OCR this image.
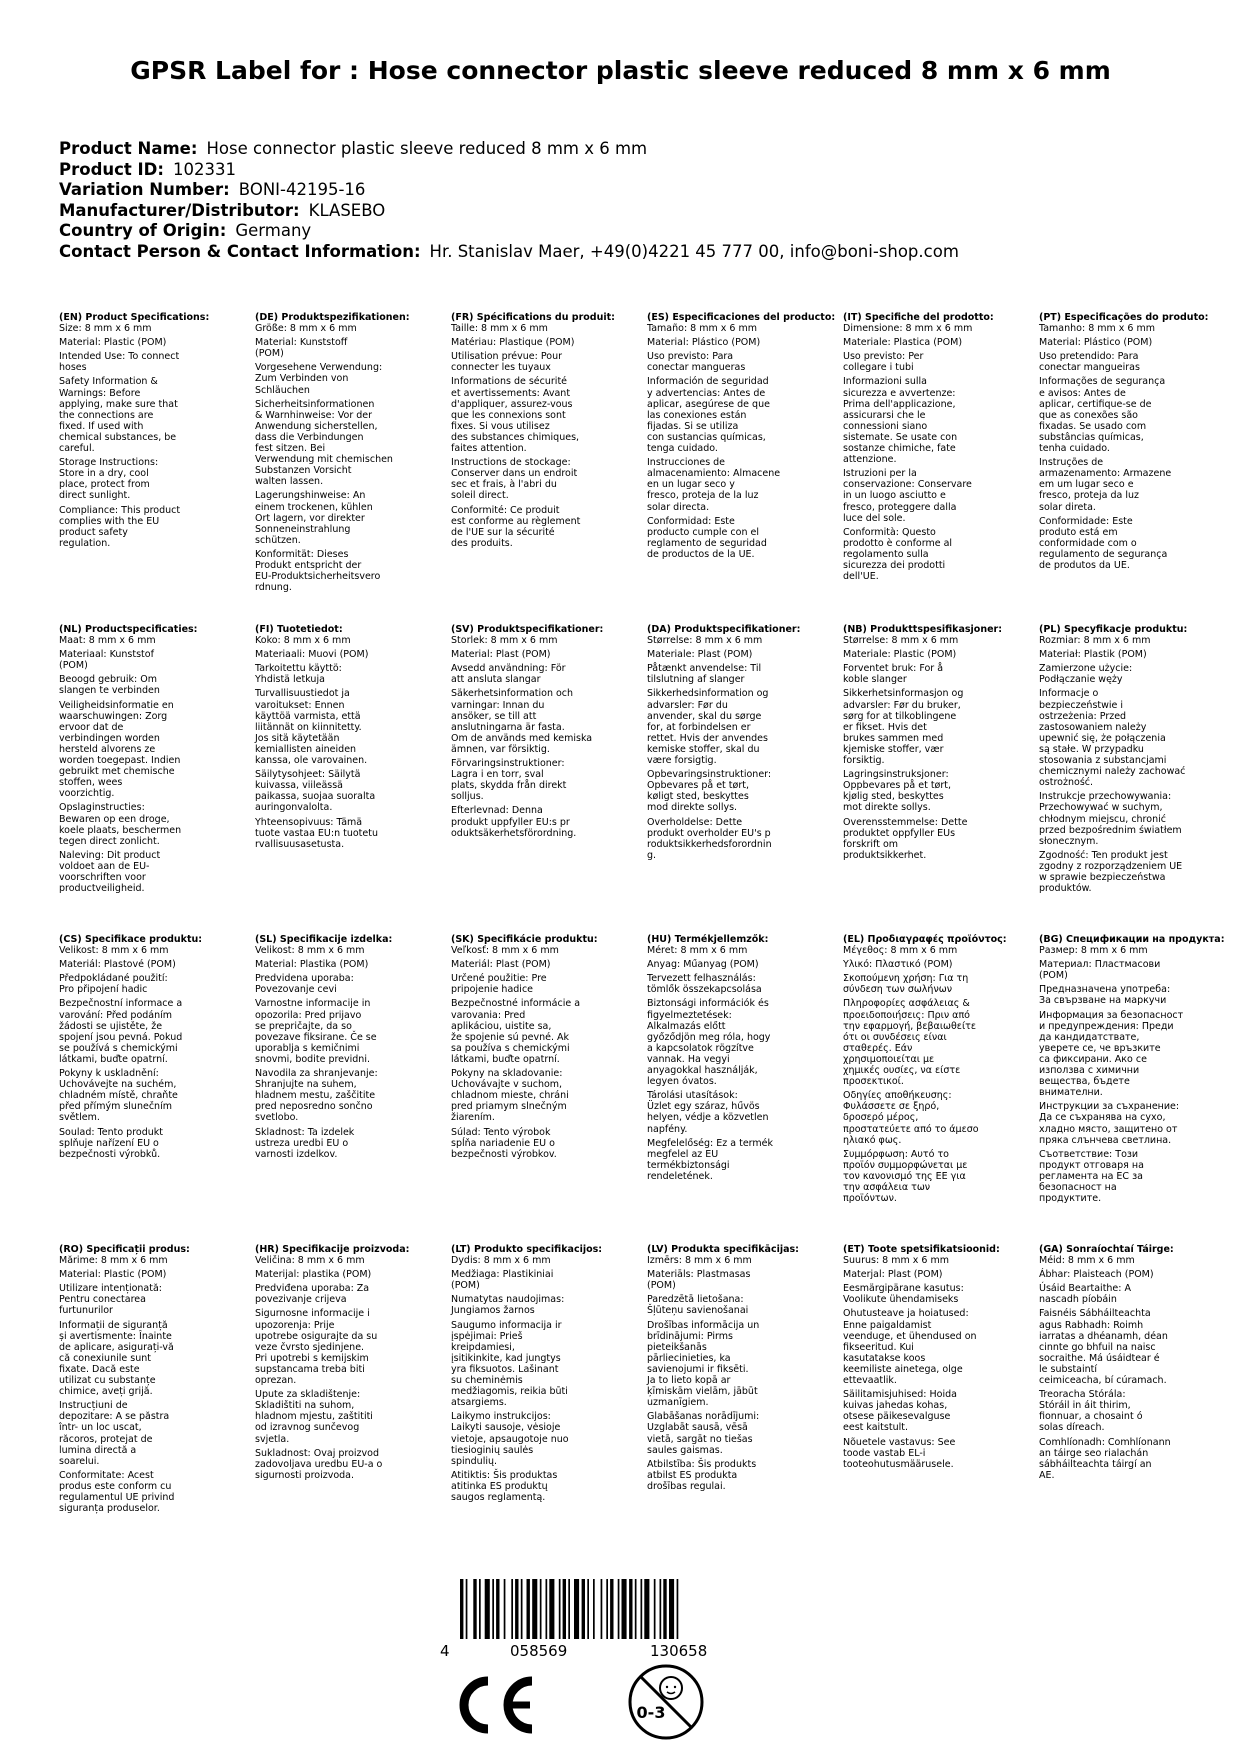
GPSR Label for : Hose connector plastic sleeve reduced 8 mm x 6 mm
Product Name: Hose connector plastic sleeve reduced 8 mm x 6 mm
Product ID: 102331
Variation Number: BONI-42195-16
Manufacturer/Distributor: KLASEBO
Country of Origin: Germany
Contact Person & Contact Information: Hr. Stanislav Maer, +49(0)4221 45 777 00, info@boni-shop.com
(EN) Product Specifications:

Size: 8 mm x 6 mm

Material: Plastic (POM)

Intended Use: To connect
hoses

Safety Information &
Warnings: Before
applying, make sure that
the connections are
fixed. If used with
chemical substances, be
careful.

Storage Instructions:
Store in a dry, cool
place, protect from
direct sunlight.

Compliance: This product
complies with the EU
product safety
regulation.

(DE) Produktspezifikationen:

Größe: 8 mm x 6 mm

Material: Kunststoff
(POM)

Vorgesehene Verwendung:
Zum Verbinden von
Schläuchen

Sicherheitsinformationen
& Warnhinweise: Vor der
Anwendung sicherstellen,
dass die Verbindungen
fest sitzen. Bei
Verwendung mit chemischen
Substanzen Vorsicht
walten lassen.

Lagerungshinweise: An
einem trockenen, kühlen
Ort lagern, vor direkter
Sonneneinstrahlung
schützen.

Konformität: Dieses
Produkt entspricht der
EU-Produktsicherheitsvero
rdnung.

(FR) Spécifications du produit:

Taille: 8 mm x 6 mm

Matériau: Plastique (POM)

Utilisation prévue: Pour
connecter les tuyaux

Informations de sécurité
et avertissements: Avant
d'appliquer, assurez-vous
que les connexions sont
fixes. Si vous utilisez
des substances chimiques,
faites attention.

Instructions de stockage:
Conserver dans un endroit
sec et frais, à l'abri du
soleil direct.

Conformité: Ce produit
est conforme au règlement
de l'UE sur la sécurité
des produits.

(ES) Especificaciones del producto:

Tamaño: 8 mm x 6 mm

Material: Plástico (POM)

Uso previsto: Para
conectar mangueras

Información de seguridad
y advertencias: Antes de
aplicar, asegúrese de que
las conexiones están
fijadas. Si se utiliza
con sustancias químicas,
tenga cuidado.

Instrucciones de
almacenamiento: Almacene
en un lugar seco y
fresco, proteja de la luz
solar directa.

Conformidad: Este
producto cumple con el
reglamento de seguridad
de productos de la UE.

(IT) Specifiche del prodotto:

Dimensione: 8 mm x 6 mm

Materiale: Plastica (POM)

Uso previsto: Per
collegare i tubi

Informazioni sulla
sicurezza e avvertenze:
Prima dell'applicazione,
assicurarsi che le
connessioni siano
sistemate. Se usate con
sostanze chimiche, fate
attenzione.

Istruzioni per la
conservazione: Conservare
in un luogo asciutto e
fresco, proteggere dalla
luce del sole.

Conformità: Questo
prodotto è conforme al
regolamento sulla
sicurezza dei prodotti
dell'UE.

(PT) Especificações do produto:

Tamanho: 8 mm x 6 mm

Material: Plástico (POM)

Uso pretendido: Para
conectar mangueiras

Informações de segurança
e avisos: Antes de
aplicar, certifique-se de
que as conexões são
fixadas. Se usado com
substâncias químicas,
tenha cuidado.

Instruções de
armazenamento: Armazene
em um lugar seco e
fresco, proteja da luz
solar direta.

Conformidade: Este
produto está em
conformidade com o
regulamento de segurança
de produtos da UE.

(NL) Productspecificaties:

Maat: 8 mm x 6 mm

Materiaal: Kunststof
(POM)

Beoogd gebruik: Om
slangen te verbinden

Veiligheidsinformatie en
waarschuwingen: Zorg
ervoor dat de
verbindingen worden
hersteld alvorens ze
worden toegepast. Indien
gebruikt met chemische
stoffen, wees
voorzichtig.

Opslaginstructies:
Bewaren op een droge,
koele plaats, beschermen
tegen direct zonlicht.

Naleving: Dit product
voldoet aan de EU-
voorschriften voor
productveiligheid.

(FI) Tuotetiedot:

Koko: 8 mm x 6 mm

Materiaali: Muovi (POM)

Tarkoitettu käyttö:
Yhdistä letkuja

Turvallisuustiedot ja
varoitukset: Ennen
käyttöä varmista, että
liitännät on kiinnitetty.
Jos sitä käytetään
kemiallisten aineiden
kanssa, ole varovainen.

Säilytysohjeet: Säilytä
kuivassa, viileässä
paikassa, suojaa suoralta
auringonvalolta.

Yhteensopivuus: Tämä
tuote vastaa EU:n tuotetu
rvallisuusasetusta.

(SV) Produktspecifikationer:

Storlek: 8 mm x 6 mm

Material: Plast (POM)

Avsedd användning: För
att ansluta slangar

Säkerhetsinformation och
varningar: Innan du
ansöker, se till att
anslutningarna är fasta.
Om de används med kemiska
ämnen, var försiktig.

Förvaringsinstruktioner:
Lagra i en torr, sval
plats, skydda från direkt
solljus.

Efterlevnad: Denna
produkt uppfyller EU:s pr
oduktsäkerhetsförordning.

(DA) Produktspecifikationer:

Størrelse: 8 mm x 6 mm

Materiale: Plast (POM)

Påtænkt anvendelse: Til
tilslutning af slanger

Sikkerhedsinformation og
advarsler: Før du
anvender, skal du sørge
for, at forbindelsen er
rettet. Hvis der anvendes
kemiske stoffer, skal du
være forsigtig.

Opbevaringsinstruktioner:
Opbevares på et tørt,
køligt sted, beskyttes
mod direkte sollys.

Overholdelse: Dette
produkt overholder EU's p
roduktsikkerhedsforordnin
g.

(NB) Produkttspesifikasjoner:

Størrelse: 8 mm x 6 mm

Materiale: Plastic (POM)

Forventet bruk: For å
koble slanger

Sikkerhetsinformasjon og
advarsler: Før du bruker,
sørg for at tilkoblingene
er fikset. Hvis det
brukes sammen med
kjemiske stoffer, vær
forsiktig.

Lagringsinstruksjoner:
Oppbevares på et tørt,
kjølig sted, beskyttes
mot direkte sollys.

Overensstemmelse: Dette
produktet oppfyller EUs
forskrift om
produktsikkerhet.

(PL) Specyfikacje produktu:

Rozmiar: 8 mm x 6 mm

Materiał: Plastik (POM)

Zamierzone użycie:
Podłączanie węży

Informacje o
bezpieczeństwie i
ostrzeżenia: Przed
zastosowaniem należy
upewnić się, że połączenia
są stałe. W przypadku
stosowania z substancjami
chemicznymi należy zachować
ostrożność.

Instrukcje przechowywania:
Przechowywać w suchym,
chłodnym miejscu, chronić
przed bezpośrednim światłem
słonecznym.

Zgodność: Ten produkt jest
zgodny z rozporządzeniem UE
w sprawie bezpieczeństwa
produktów.

(CS) Specifikace produktu:

Velikost: 8 mm x 6 mm

Materiál: Plastové (POM)

Předpokládané použití:
Pro připojení hadic

Bezpečnostní informace a
varování: Před podáním
žádosti se ujistěte, že
spojení jsou pevná. Pokud
se používá s chemickými
látkami, buďte opatrní.

Pokyny k uskladnění:
Uchovávejte na suchém,
chladném místě, chraňte
před přímým slunečním
světlem.

Soulad: Tento produkt
splňuje nařízení EU o
bezpečnosti výrobků.

(SL) Specifikacije izdelka:

Velikost: 8 mm x 6 mm

Material: Plastika (POM)

Predvidena uporaba:
Povezovanje cevi

Varnostne informacije in
opozorila: Pred prijavo
se prepričajte, da so
povezave fiksirane. Če se
uporablja s kemičnimi
snovmi, bodite previdni.

Navodila za shranjevanje:
Shranjujte na suhem,
hladnem mestu, zaščitite
pred neposredno sončno
svetlobo.

Skladnost: Ta izdelek
ustreza uredbi EU o
varnosti izdelkov.

(SK) Špecifikácie produktu:

Veľkosť: 8 mm x 6 mm

Materiál: Plast (POM)

Určené použitie: Pre
pripojenie hadice

Bezpečnostné informácie a
varovania: Pred
aplikáciou, uistite sa,
že spojenie sú pevné. Ak
sa používa s chemickými
látkami, buďte opatrní.

Pokyny na skladovanie:
Uchovávajte v suchom,
chladnom mieste, chráni
pred priamym slnečným
žiarením.

Súlad: Tento výrobok
spĺňa nariadenie EU o
bezpečnosti výrobkov.

(HU) Termékjellemzők:

Méret: 8 mm x 6 mm

Anyag: Műanyag (POM)

Tervezett felhasználás:
tömlők összekapcsolása

Biztonsági információk és
figyelmeztetések:
Alkalmazás előtt
győződjön meg róla, hogy
a kapcsolatok rögzítve
vannak. Ha vegyi
anyagokkal használják,
legyen óvatos.

Tárolási utasítások:
Üzlet egy száraz, hűvös
helyen, védje a közvetlen
napfény.

Megfelelőség: Ez a termék
megfelel az EU
termékbiztonsági
rendeletének.

(EL) Προδιαγραφές προϊόντος:

Μέγεθος: 8 mm x 6 mm

Υλικό: Πλαστικό (POM)

Σκοπούμενη χρήση: Για τη
σύνδεση των σωλήνων

Πληροφορίες ασφάλειας &
προειδοποιήσεις: Πριν από
την εφαρμογή, βεβαιωθείτε
ότι οι συνδέσεις είναι
σταθερές. Εάν
χρησιμοποιείται με
χημικές ουσίες, να είστε
προσεκτικοί.

Οδηγίες αποθήκευσης:
Φυλάσσετε σε ξηρό,
δροσερό μέρος,
προστατεύετε από το άμεσο
ηλιακό φως.

Συμμόρφωση: Αυτό το
προϊόν συμμορφώνεται με
τον κανονισμό της ΕΕ για
την ασφάλεια των
προϊόντων.

(BG) Спецификации на продукта:

Размер: 8 mm x 6 mm

Материал: Пластмасови
(POM)

Предназначена употреба:
За свързване на маркучи

Информация за безопасност
и предупреждения: Преди
да кандидатствате,
уверете се, че връзките
са фиксирани. Ако се
използва с химични
вещества, бъдете
внимателни.

Инструкции за съхранение:
Да се съхранява на сухо,
хладно място, защитено от
пряка слънчева светлина.

Съответствие: Този
продукт отговаря на
регламента на ЕС за
безопасност на
продуктите.

(RO) Specificații produs:

Mărime: 8 mm x 6 mm

Material: Plastic (POM)

Utilizare intenționată:
Pentru conectarea
furtunurilor

Informații de siguranță
și avertismente: Înainte
de aplicare, asigurați-vă
că conexiunile sunt
fixate. Dacă este
utilizat cu substanțe
chimice, aveți grijă.

Instrucțiuni de
depozitare: A se păstra
într- un loc uscat,
răcoros, protejat de
lumina directă a
soarelui.

Conformitate: Acest
produs este conform cu
regulamentul UE privind
siguranța produselor.

(HR) Specifikacije proizvoda:

Veličina: 8 mm x 6 mm

Materijal: plastika (POM)

Predviđena uporaba: Za
povezivanje crijeva

Sigurnosne informacije i
upozorenja: Prije
upotrebe osigurajte da su
veze čvrsto sjedinjene.
Pri upotrebi s kemijskim
supstancama treba biti
oprezan.

Upute za skladištenje:
Skladištiti na suhom,
hladnom mjestu, zaštititi
od izravnog sunčevog
svjetla.

Sukladnost: Ovaj proizvod
zadovoljava uredbu EU-a o
sigurnosti proizvoda.

(LT) Produkto specifikacijos:

Dydis: 8 mm x 6 mm

Medžiaga: Plastikiniai
(POM)

Numatytas naudojimas:
Jungiamos žarnos

Saugumo informacija ir
įspėjimai: Prieš
kreipdamiesi,
įsitikinkite, kad jungtys
yra fiksuotos. Lašinant
su cheminėmis
medžiagomis, reikia būti
atsargiems.

Laikymo instrukcijos:
Laikyti sausoje, vėsioje
vietoje, apsaugotoje nuo
tiesioginių saulės
spindulių.

Atitiktis: Šis produktas
atitinka ES produktų
saugos reglamentą.

(LV) Produkta specifikācijas:

Izmērs: 8 mm x 6 mm

Materiāls: Plastmasas
(POM)

Paredzētā lietošana:
Šļūteņu savienošanai

Drošības informācija un
brīdinājumi: Pirms
pieteikšanās
pārliecinieties, ka
savienojumi ir fiksēti.
Ja to lieto kopā ar
ķīmiskām vielām, jābūt
uzmanīgiem.

Glabāšanas norādījumi:
Uzglabāt sausā, vēsā
vietā, sargāt no tiešas
saules gaismas.

Atbilstība: Šis produkts
atbilst ES produkta
drošības regulai.

(ET) Toote spetsifikatsioonid:

Suurus: 8 mm x 6 mm

Materjal: Plast (POM)

Eesmärgipärane kasutus:
Voolikute ühendamiseks

Ohutusteave ja hoiatused:
Enne paigaldamist
veenduge, et ühendused on
fikseeritud. Kui
kasutatakse koos
keemiliste ainetega, olge
ettevaatlik.

Säilitamisjuhised: Hoida
kuivas jahedas kohas,
otsese päikesevalguse
eest kaitstult.

Nõuetele vastavus: See
toode vastab EL-i
tooteohutusmäärusele.

(GA) Sonraíochtaí Táirge:

Méid: 8 mm x 6 mm

Ábhar: Plaisteach (POM)

Úsáid Beartaithe: A
nascadh píobáin

Faisnéis Sábháilteachta
agus Rabhadh: Roimh
iarratas a dhéanamh, déan
cinnte go bhfuil na naisc
socraithe. Má úsáidtear é
le substaintí
ceimiceacha, bí cúramach.

Treoracha Stórála:
Stóráil in áit thirim,
fionnuar, a chosaint ó
solas díreach.

Comhlíonadh: Comhlíonann
an táirge seo rialachán
sábháilteachta táirgí an
AE.

4	058569	130658
0-3
